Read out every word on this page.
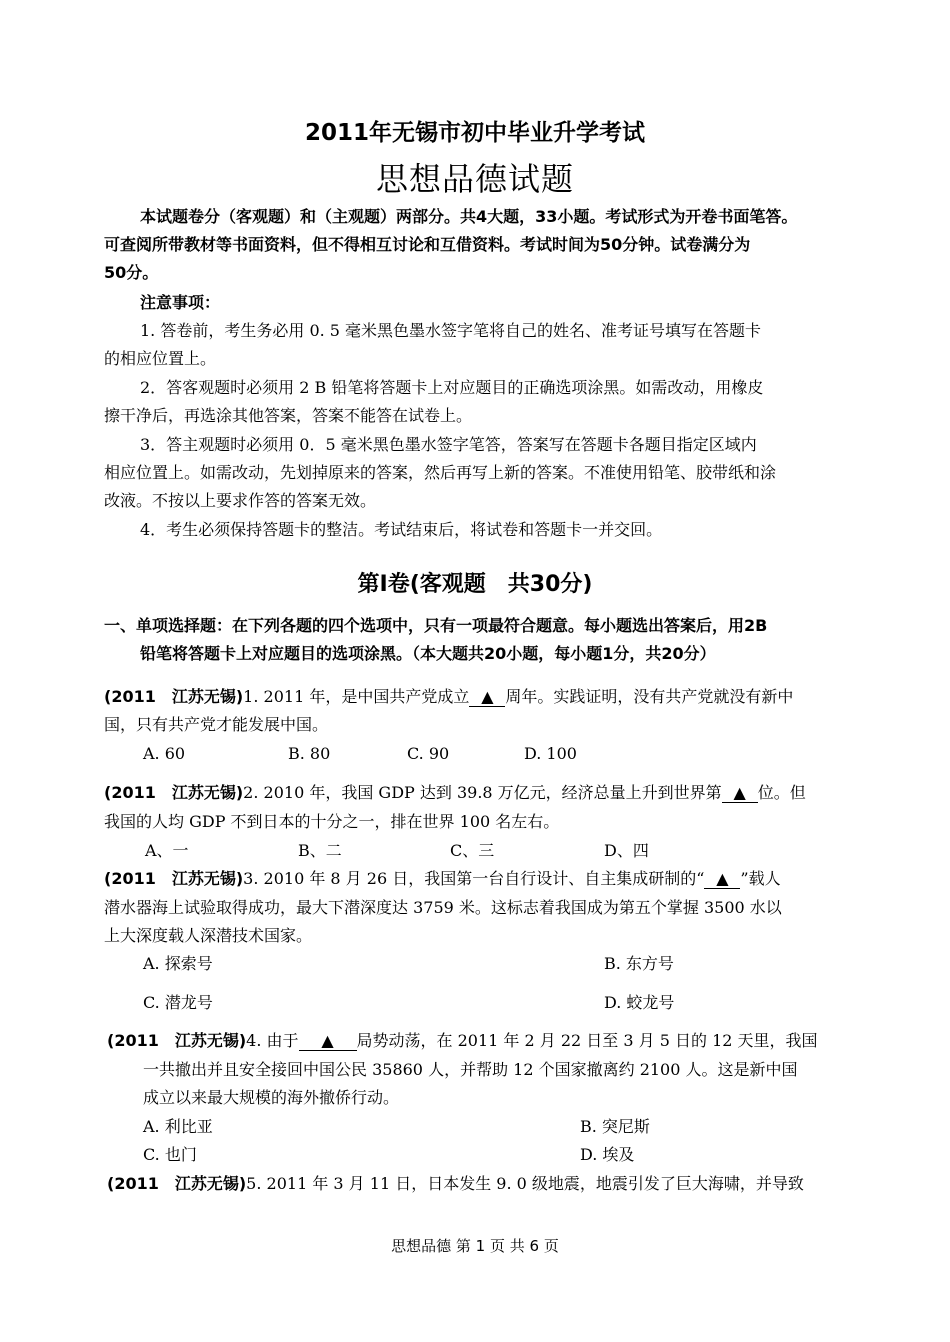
2011年无锡市初中毕业升学考试
思想品德试题
本试题卷分（客观题）和（主观题）两部分。共4大题，33小题。考试形式为开卷书面笔答。
可查阅所带教材等书面资料，但不得相互讨论和互借资料。考试时间为50分钟。试卷满分为
50分。
注意事项：
1. 答卷前，考生务必用 0. 5 毫米黑色墨水签字笔将自己的姓名、准考证号填写在答题卡
的相应位置上。
2．答客观题时必须用 2 B 铅笔将答题卡上对应题目的正确选项涂黑。如需改动，用橡皮
擦干净后，再选涂其他答案，答案不能答在试卷上。
3．答主观题时必须用 0．5 毫米黑色墨水签字笔答，答案写在答题卡各题目指定区域内
相应位置上。如需改动，先划掉原来的答案，然后再写上新的答案。不准使用铅笔、胶带纸和涂
改液。不按以上要求作答的答案无效。
4．考生必须保持答题卡的整洁。考试结束后，将试卷和答题卡一并交回。
第Ⅰ卷(客观题　共30分)
一、单项选择题：在下列各题的四个选项中，只有一项最符合题意。每小题选出答案后，用2B
铅笔将答题卡上对应题目的选项涂黑。（本大题共20小题，每小题1分，共20分）
(2011　江苏无锡)1. 2011 年，是中国共产党成立 ▲ 周年。实践证明，没有共产党就没有新中
国，只有共产党才能发展中国。
A. 60	B. 80	C. 90	D. 100
(2011　江苏无锡)2. 2010 年，我国 GDP 达到 39.8 万亿元，经济总量上升到世界第 ▲ 位。但
我国的人均 GDP 不到日本的十分之一，排在世界 100 名左右。
A、一	B、二	C、三	D、四
(2011　江苏无锡)3. 2010 年 8 月 26 日，我国第一台自行设计、自主集成研制的“ ▲ ”载人
潜水器海上试验取得成功，最大下潜深度达 3759 米。这标志着我国成为第五个掌握 3500 水以
上大深度载人深潜技术国家。
A. 探索号	B. 东方号
C. 潜龙号	D. 蛟龙号
(2011　江苏无锡)4. 由于 ▲ 局势动荡，在 2011 年 2 月 22 日至 3 月 5 日的 12 天里，我国
一共撤出并且安全接回中国公民 35860 人，并帮助 12 个国家撤离约 2100 人。这是新中国
成立以来最大规模的海外撤侨行动。
A. 利比亚	B. 突尼斯
C. 也门	D. 埃及
(2011　江苏无锡)5. 2011 年 3 月 11 日，日本发生 9. 0 级地震，地震引发了巨大海啸，并导致
思想品德 第 1 页 共 6 页
